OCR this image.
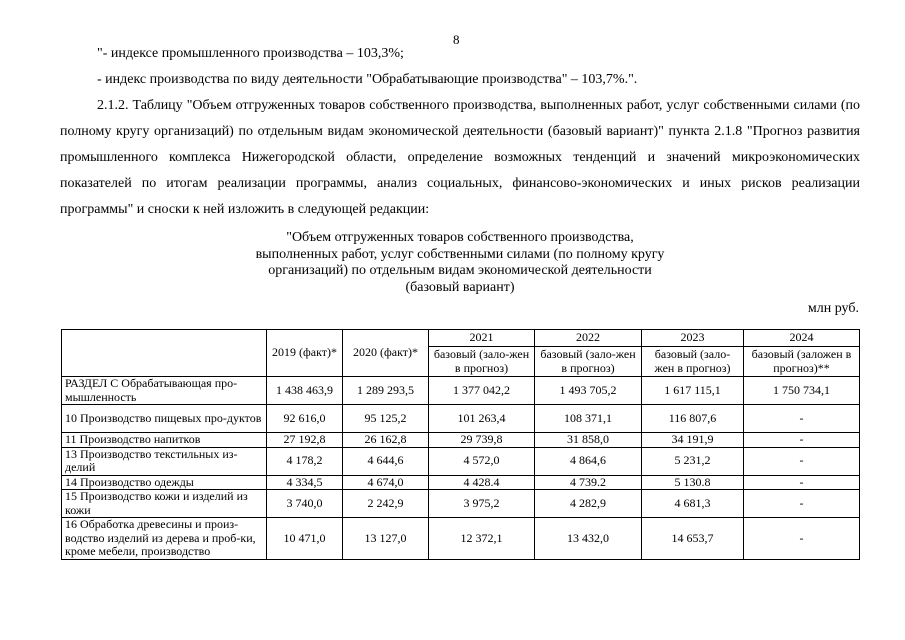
8

"- индексе промышленного производства – 103,3%;

- индекс производства по виду деятельности "Обрабатывающие производства" – 103,7%.".

2.1.2. Таблицу "Объем отгруженных товаров собственного производства, выполненных работ, услуг собственными силами (по полному кругу организаций) по отдельным видам экономической деятельности (базовый вариант)" пункта 2.1.8 "Прогноз развития промышленного комплекса Нижегородской области, определение возможных тенденций и значений микроэкономических показателей по итогам реализации программы, анализ социальных, финансово-экономических и иных рисков реализации программы" и сноски к ней изложить в следующей редакции:

"Объем отгруженных товаров собственного производства,
выполненных работ, услуг собственными силами (по полному кругу
организаций) по отдельным видам экономической деятельности
(базовый вариант)
млн руб.
	2019 (факт)*	2020 (факт)*	2021	2022	2023	2024
			базовый (зало-жен в прогноз)	базовый (зало-жен в прогноз)	базовый (зало-жен в прогноз)	базовый (заложен в прогноз)**
РАЗДЕЛ C Обрабатывающая про-мышленность	1 438 463,9	1 289 293,5	1 377 042,2	1 493 705,2	1 617 115,1	1 750 734,1
10 Производство пищевых про-дуктов	92 616,0	95 125,2	101 263,4	108 371,1	116 807,6	-
11 Производство напитков	27 192,8	26 162,8	29 739,8	31 858,0	34 191,9	-
13 Производство текстильных из-делий	4 178,2	4 644,6	4 572,0	4 864,6	5 231,2	-
14 Производство одежды	4 334,5	4 674,0	4 428.4	4 739.2	5 130.8	-
15 Производство кожи и изделий из кожи	3 740,0	2 242,9	3 975,2	4 282,9	4 681,3	-
16 Обработка древесины и произ-водство изделий из дерева и проб-ки, кроме мебели, производство	10 471,0	13 127,0	12 372,1	13 432,0	14 653,7	-
